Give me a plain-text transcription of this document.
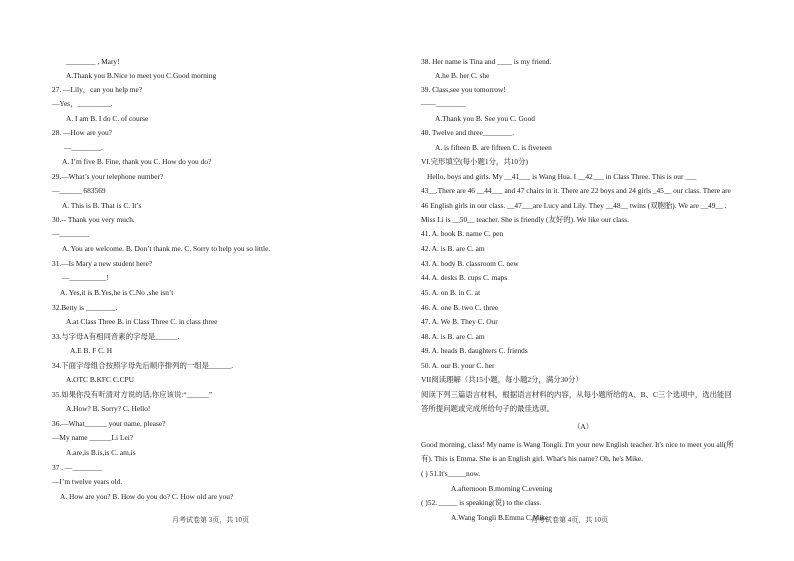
________ , Mary!
A.Thank you B.Nice to meet you C.Good morning
27. —Lily，can you help me?
—Yes，_________.
A. I am B. I do C. of course
28. —How are you?
—________.
A. I’m five B. Fine, thank you C. How do you do?
29.—What’s your telephone number?
—______ 683569
A. This is B. That is C. It’s
30.-- Thank you very much.
—________
A. You are welcome. B. Don’t thank me. C. Sorry to help you so little.
31.—Is Mary a new student here?
—__________!
A. Yes,it is B.Yes,he is C.No ,she isn’t
32.Betty is ________.
A.at Class Three B. in Class Three C. in class three
33.与字母A有相同音素的字母是______.
A.E B. F C. H
34.下面字母组合按照字母先后顺序排列的一组是______.
A.OTC B.KFC C.CPU
35.如果你没有听清对方说的话,你应该说:“______”
A.How? B. Sorry? C. Hello!
36.—What______ your name, please?
—My name ______Li Lei?
A.are,is B.is,is C. am,is
37 . —________
—I’m twelve years old.
A. How are you? B. How do you do? C. How old are you?
38. Her name is Tina and ____ is my friend.
A.he B. her C. she
39. Class,see you tomorrow!
——________
A.Thank you B. See you C. Good
40. Twelve and three________.
A. is fifteen B. are fifteen C. is fiveteen
VI.完形填空(每小题1分，共10分)
Hello, boys and girls. My __41___ is Wang Hua. I __42___ in Class Three. This is our ___
43__.There are 46 __44___ and 47 chairs in it. There are 22 boys and 24 girls _45__ our class. There are
46 English girls in our class. __47___are Lucy and Lily. They __48__ twins (双胞胎). We are __49__ .
Miss Li is __50__ teacher. She is friendly (友好的). We like our class.
41. A. book B. name C. pen
42. A. is B. are C. am
43. A. body B. classroom C. new
44. A. desks B. cups C. maps
45. A. on B. in C. at
46. A. one B. two C. three
47. A. We B. They C. Our
48. A. is B. are C. am
49. A. heads B. daughters C. friends
50. A. our B. your C. her
VII阅读理解（共15小题，每小题2分，满分30分）
阅读下列三篇语言材料，根据语言材料的内容，从每小题所给的A、B、C三个选项中，选出能回
答所提问题或完成所给句子的最佳选项。
（A）
Good morning, class! My name is Wang Tongli. I'm your new English teacher. It's nice to meet you all(所
有). This is Emma. She is an English girl. What's his name? Oh, he's Mike.
( ) 51.It's_____now.
A.afternoon B.morning C.evening
( )52. _____ is speaking(说) to the class.
A.Wang Tongli B.Emma C.Mike
月考试卷第 3页，共 10页	月考试卷第 4页，共 10页
